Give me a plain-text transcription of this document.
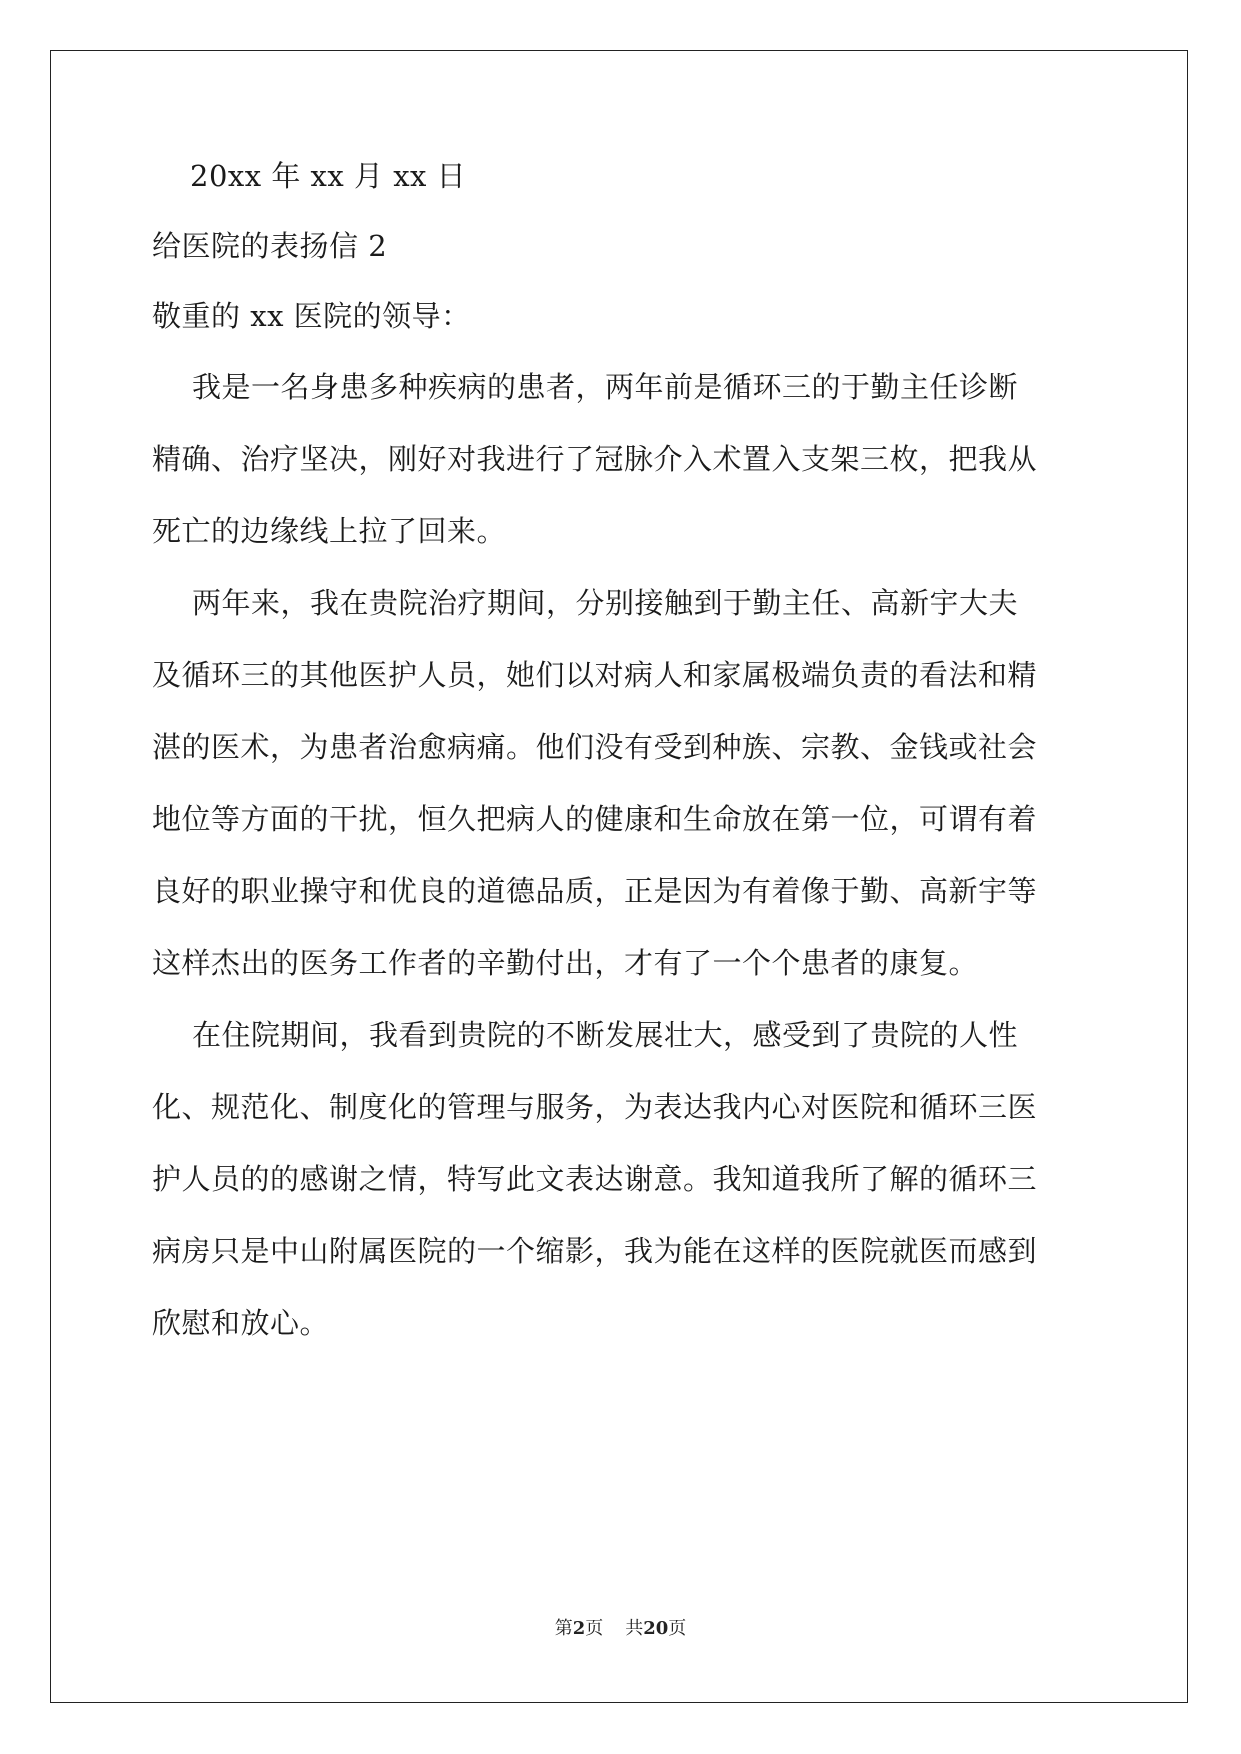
20xx 年 xx 月 xx 日
给医院的表扬信 2
敬重的 xx 医院的领导：
我是一名身患多种疾病的患者，两年前是循环三的于勤主任诊断
精确、治疗坚决，刚好对我进行了冠脉介入术置入支架三枚，把我从
死亡的边缘线上拉了回来。
两年来，我在贵院治疗期间，分别接触到于勤主任、高新宇大夫
及循环三的其他医护人员，她们以对病人和家属极端负责的看法和精
湛的医术，为患者治愈病痛。他们没有受到种族、宗教、金钱或社会
地位等方面的干扰，恒久把病人的健康和生命放在第一位，可谓有着
良好的职业操守和优良的道德品质，正是因为有着像于勤、高新宇等
这样杰出的医务工作者的辛勤付出，才有了一个个患者的康复。
在住院期间，我看到贵院的不断发展壮大，感受到了贵院的人性
化、规范化、制度化的管理与服务，为表达我内心对医院和循环三医
护人员的的感谢之情，特写此文表达谢意。我知道我所了解的循环三
病房只是中山附属医院的一个缩影，我为能在这样的医院就医而感到
欣慰和放心。
第2页 共20页
